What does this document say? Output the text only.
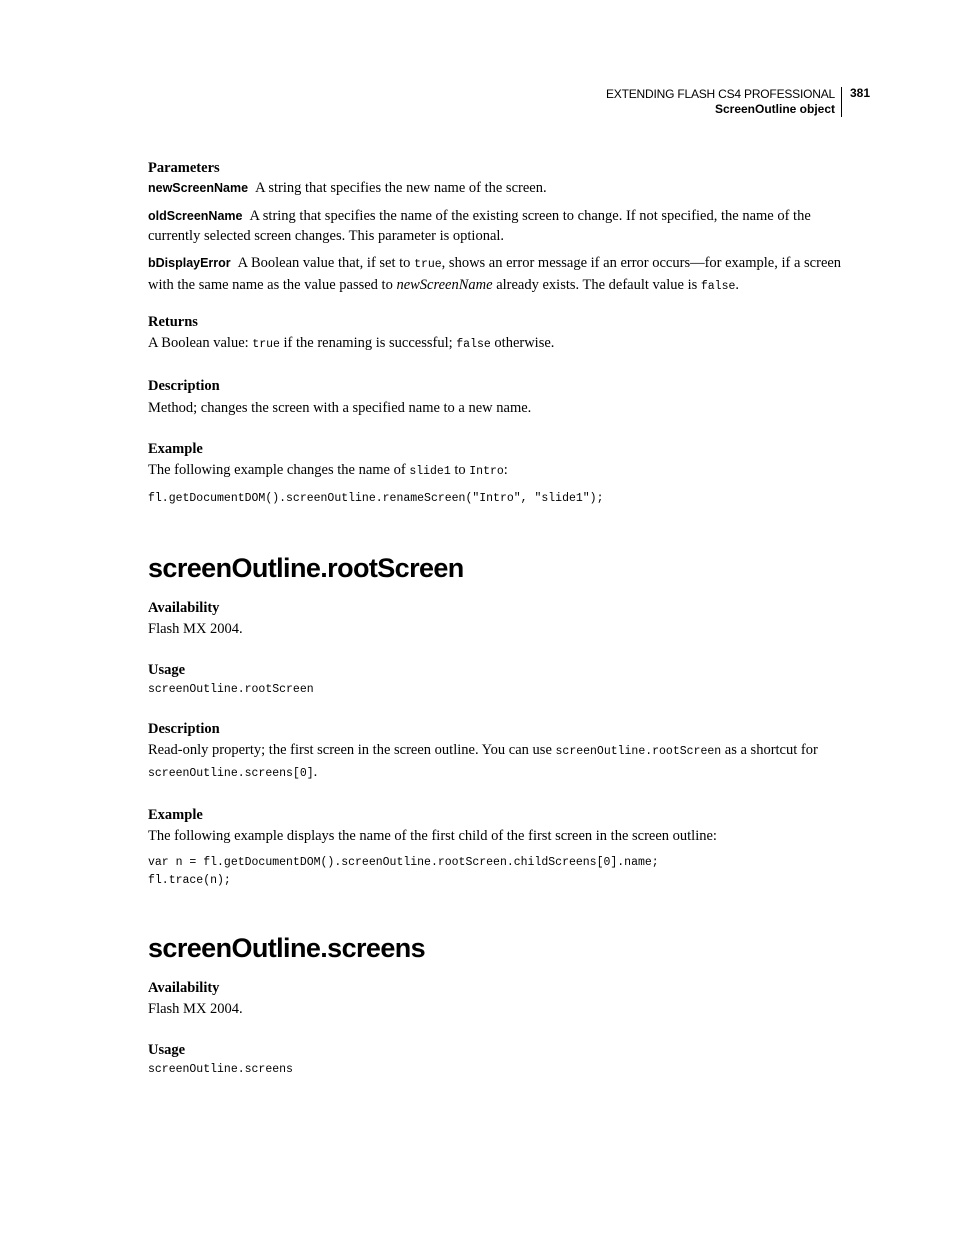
EXTENDING FLASH CS4 PROFESSIONAL
ScreenOutline object
381

Parameters

newScreenName A string that specifies the new name of the screen.

oldScreenName A string that specifies the name of the existing screen to change. If not specified, the name of the currently selected screen changes. This parameter is optional.

bDisplayError A Boolean value that, if set to true, shows an error message if an error occurs—for example, if a screen with the same name as the value passed to newScreenName already exists. The default value is false.

Returns

A Boolean value: true if the renaming is successful; false otherwise.

Description

Method; changes the screen with a specified name to a new name.

Example

The following example changes the name of slide1 to Intro:

fl.getDocumentDOM().screenOutline.renameScreen("Intro", "slide1");
screenOutline.rootScreen

Availability

Flash MX 2004.

Usage

screenOutline.rootScreen

Description

Read-only property; the first screen in the screen outline. You can use screenOutline.rootScreen as a shortcut for screenOutline.screens[0].

Example

The following example displays the name of the first child of the first screen in the screen outline:

var n = fl.getDocumentDOM().screenOutline.rootScreen.childScreens[0].name;
fl.trace(n);
screenOutline.screens

Availability

Flash MX 2004.

Usage

screenOutline.screens
